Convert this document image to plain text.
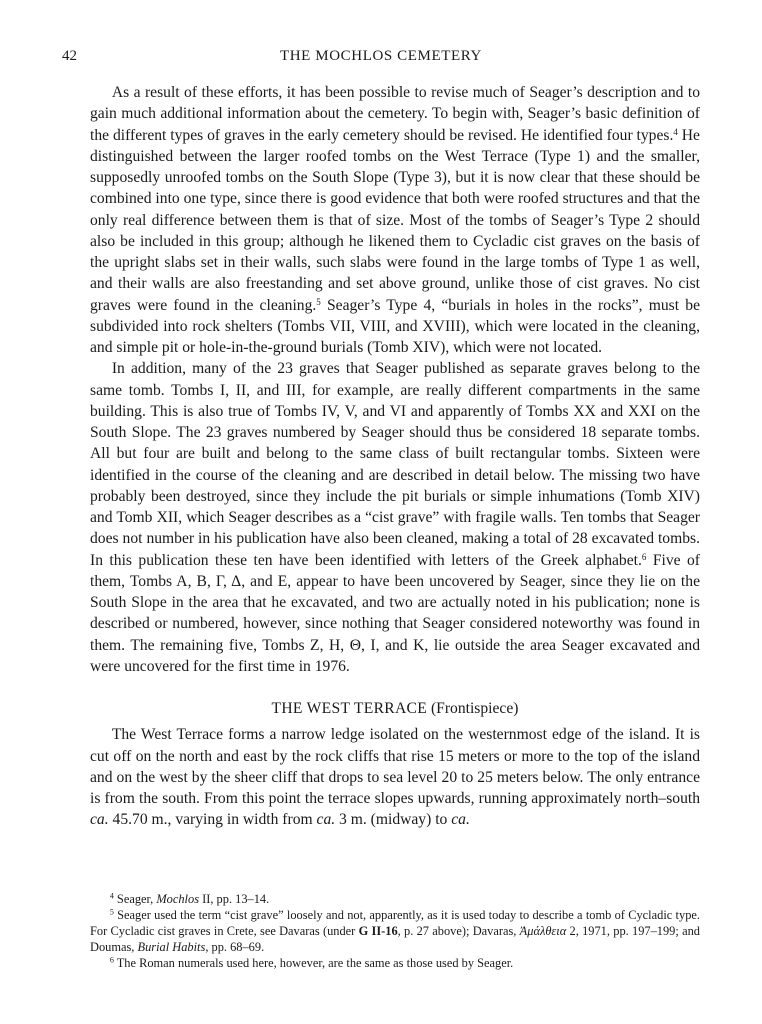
42	THE MOCHLOS CEMETERY

As a result of these efforts, it has been possible to revise much of Seager’s description and to gain much additional information about the cemetery. To begin with, Seager’s basic definition of the different types of graves in the early cemetery should be revised. He identified four types.$^4$ He distinguished between the larger roofed tombs on the West Terrace (Type 1) and the smaller, supposedly unroofed tombs on the South Slope (Type 3), but it is now clear that these should be combined into one type, since there is good evidence that both were roofed structures and that the only real difference between them is that of size. Most of the tombs of Seager’s Type 2 should also be included in this group; although he likened them to Cycladic cist graves on the basis of the upright slabs set in their walls, such slabs were found in the large tombs of Type 1 as well, and their walls are also freestanding and set above ground, unlike those of cist graves. No cist graves were found in the cleaning.$^5$ Seager’s Type 4, “burials in holes in the rocks”, must be subdivided into rock shelters (Tombs VII, VIII, and XVIII), which were located in the cleaning, and simple pit or hole-in-the-ground burials (Tomb XIV), which were not located.

In addition, many of the 23 graves that Seager published as separate graves belong to the same tomb. Tombs I, II, and III, for example, are really different compartments in the same building. This is also true of Tombs IV, V, and VI and apparently of Tombs XX and XXI on the South Slope. The 23 graves numbered by Seager should thus be considered 18 separate tombs. All but four are built and belong to the same class of built rectangular tombs. Sixteen were identified in the course of the cleaning and are described in detail below. The missing two have probably been destroyed, since they include the pit burials or simple inhumations (Tomb XIV) and Tomb XII, which Seager describes as a “cist grave” with fragile walls. Ten tombs that Seager does not number in his publication have also been cleaned, making a total of 28 excavated tombs. In this publication these ten have been identified with letters of the Greek alphabet.$^6$ Five of them, Tombs A, B, Γ, Δ, and E, appear to have been uncovered by Seager, since they lie on the South Slope in the area that he excavated, and two are actually noted in his publication; none is described or numbered, however, since nothing that Seager considered noteworthy was found in them. The remaining five, Tombs Z, H, Θ, I, and K, lie outside the area Seager excavated and were uncovered for the first time in 1976.

THE WEST TERRACE (Frontispiece)

The West Terrace forms a narrow ledge isolated on the westernmost edge of the island. It is cut off on the north and east by the rock cliffs that rise 15 meters or more to the top of the island and on the west by the sheer cliff that drops to sea level 20 to 25 meters below. The only entrance is from the south. From this point the terrace slopes upwards, running approximately north–south ca. 45.70 m., varying in width from ca. 3 m. (midway) to ca.

$^4$ Seager, Mochlos II, pp. 13–14.

$^5$ Seager used the term “cist grave” loosely and not, apparently, as it is used today to describe a tomb of Cycladic type. For Cycladic cist graves in Crete, see Davaras (under G II-16, p. 27 above); Davaras, Ἀμάλθεια 2, 1971, pp. 197–199; and Doumas, Burial Habits, pp. 68–69.

$^6$ The Roman numerals used here, however, are the same as those used by Seager.
